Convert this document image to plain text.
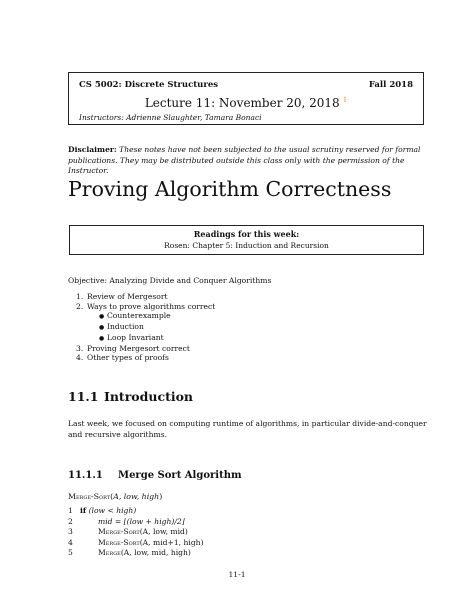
CS 5002: Discrete Structures	Fall 2018
Lecture 11: November 20, 2018 $^1$
Instructors: Adrienne Slaughter, Tamara Bonaci
Disclaimer: These notes have not been subjected to the usual scrutiny reserved for formal publications. They may be distributed outside this class only with the permission of the Instructor.
Proving Algorithm Correctness
Readings for this week:
Rosen: Chapter 5: Induction and Recursion
Objective: Analyzing Divide and Conquer Algorithms
1. Review of Mergesort
2. Ways to prove algorithms correct
● Counterexample
● Induction
● Loop Invariant
3. Proving Mergesort correct
4. Other types of proofs
11.1 Introduction
Last week, we focused on computing runtime of algorithms, in particular divide-and-conquer and recursive algorithms.
11.1.1 Merge Sort Algorithm
Merge-Sort(A, low, high)
1 if (low < high)
2	mid = ⌊(low + high)/2⌋
3	Merge-Sort(A, low, mid)
4	Merge-Sort(A, mid+1, high)
5	Merge(A, low, mid, high)
11-1
